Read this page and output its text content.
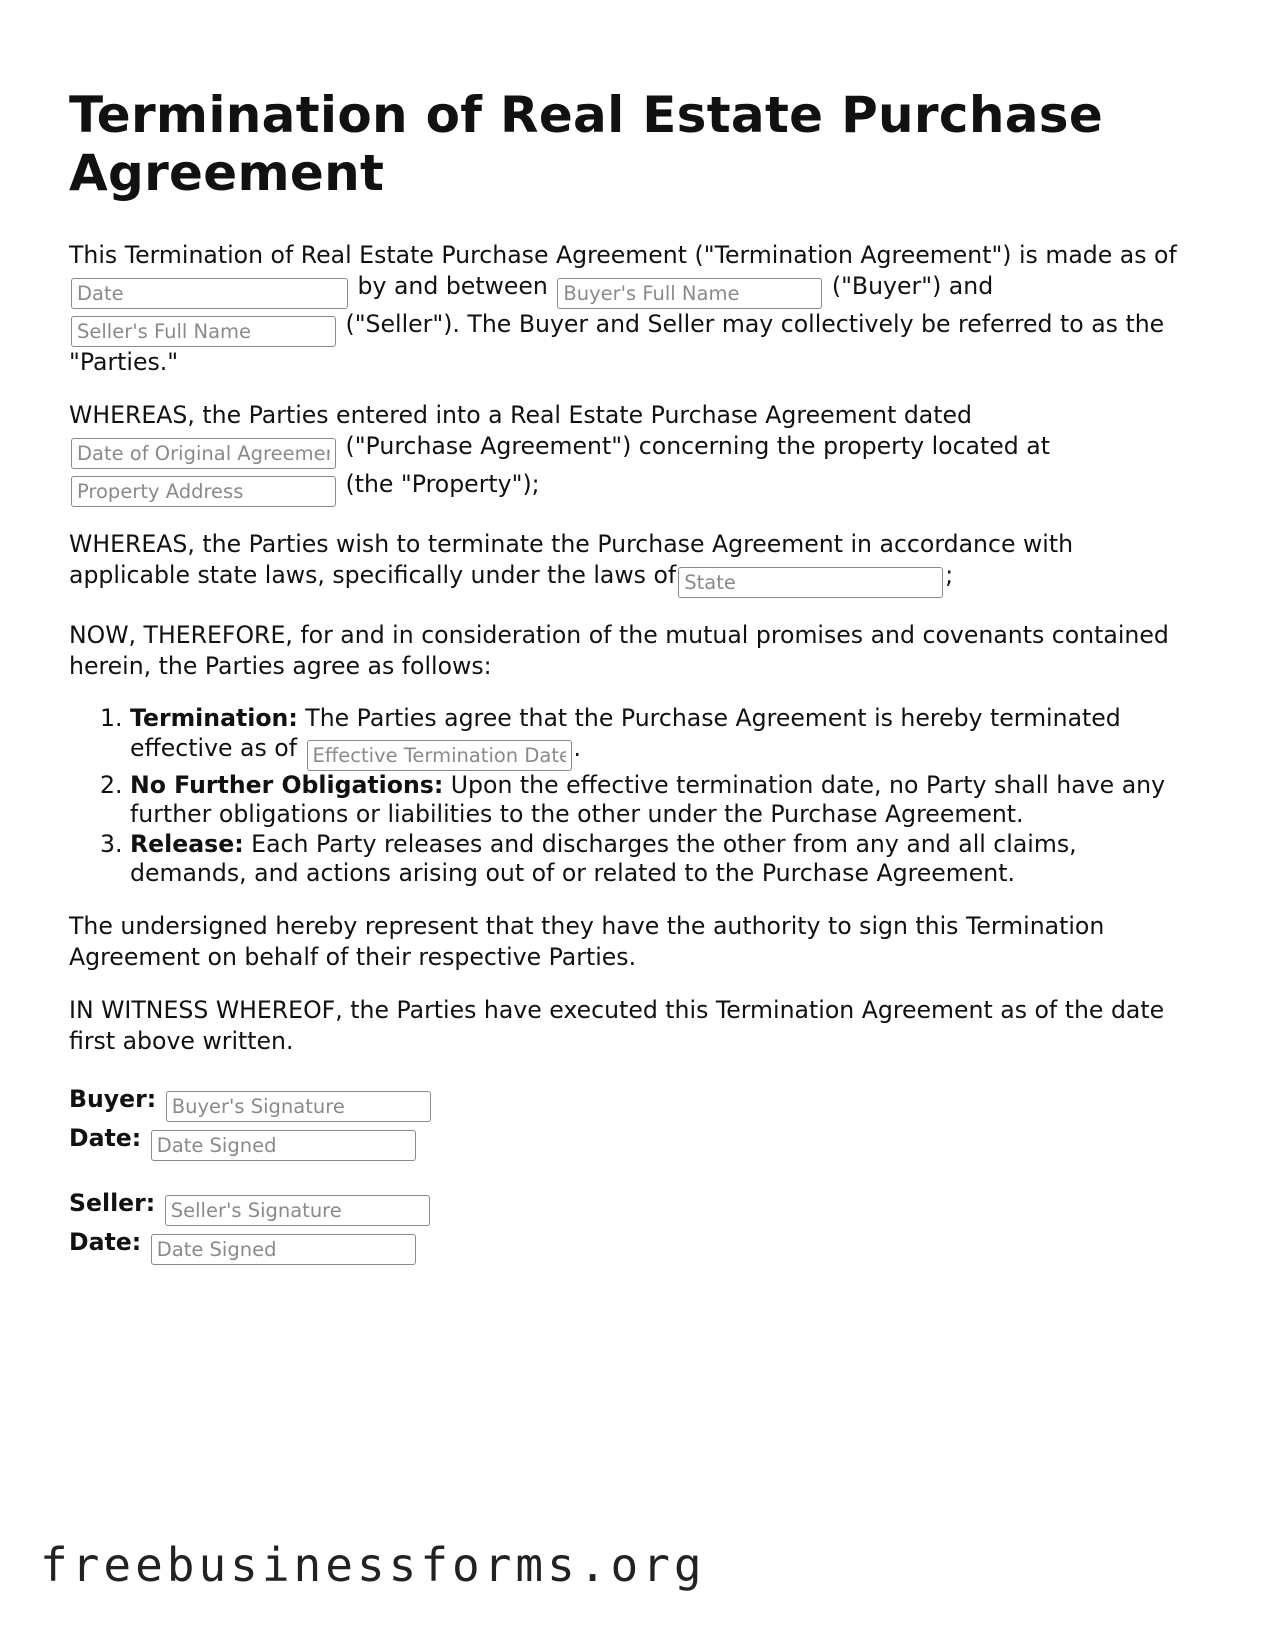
Termination of Real Estate Purchase Agreement

This Termination of Real Estate Purchase Agreement ("Termination Agreement") is made as of Date by and between Buyer's Full Name	("Buyer") and Seller's Full Name ("Seller"). The Buyer and Seller may collectively be referred to as the "Parties."

WHEREAS, the Parties entered into a Real Estate Purchase Agreement dated Date of Original Agreement ("Purchase Agreement") concerning the property located at Property Address (the "Property");

WHEREAS, the Parties wish to terminate the Purchase Agreement in accordance with applicable state laws, specifically under the laws ofState	;

NOW, THEREFORE, for and in consideration of the mutual promises and covenants contained herein, the Parties agree as follows:

1. Termination: The Parties agree that the Purchase Agreement is hereby terminated effective as of Effective Termination Date	.
2. No Further Obligations: Upon the effective termination date, no Party shall have any further obligations or liabilities to the other under the Purchase Agreement.
3. Release: Each Party releases and discharges the other from any and all claims, demands, and actions arising out of or related to the Purchase Agreement.

The undersigned hereby represent that they have the authority to sign this Termination Agreement on behalf of their respective Parties.

IN WITNESS WHEREOF, the Parties have executed this Termination Agreement as of the date first above written.

Buyer: Buyer's Signature
Date: Date Signed
Seller: Seller's Signature
Date: Date Signed
freebusinessforms.org
